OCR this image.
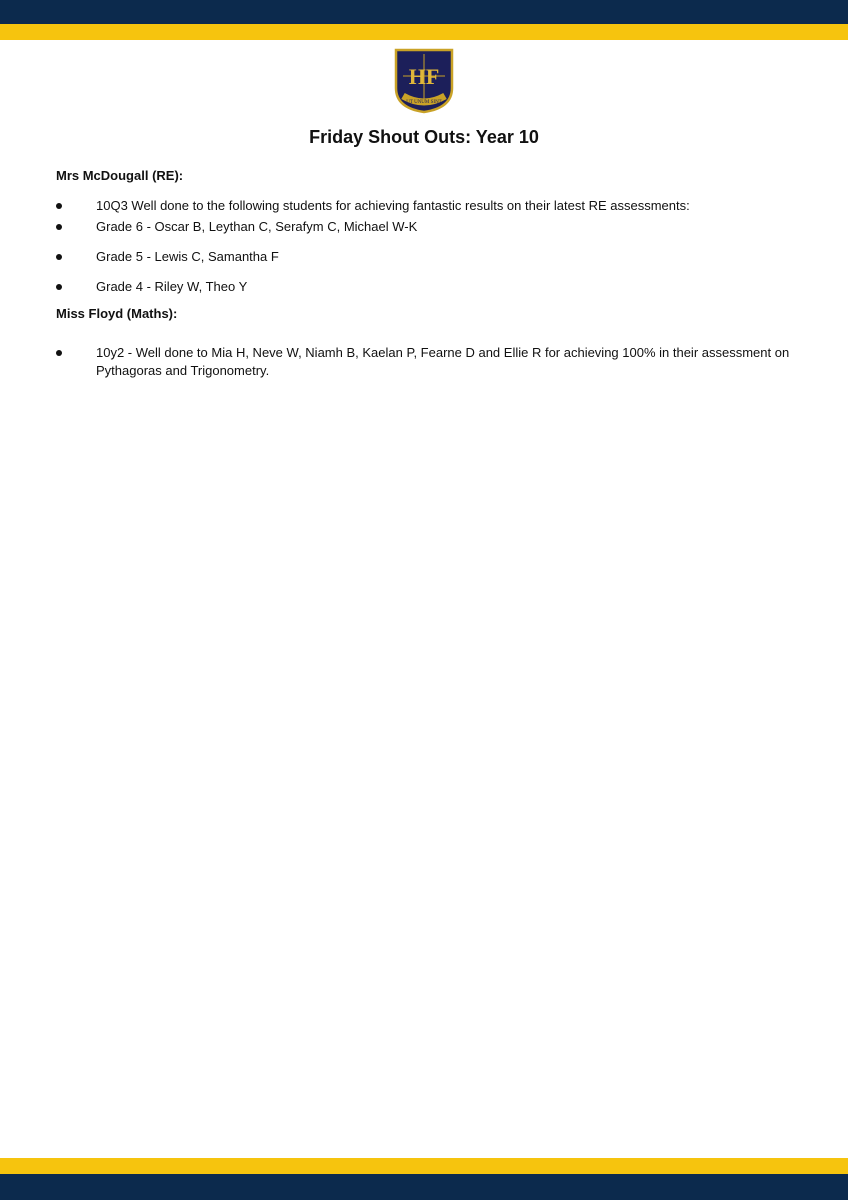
HF
UT UNUM SINT
Friday Shout Outs: Year 10
Mrs McDougall (RE):
10Q3 Well done to the following students for achieving fantastic results on their latest RE assessments:
Grade 6 - Oscar B, Leythan C, Serafym C, Michael W-K
Grade 5 - Lewis C, Samantha F
Grade 4 - Riley W, Theo Y
Miss Floyd (Maths):
10y2 - Well done to Mia H, Neve W, Niamh B, Kaelan P, Fearne D and Ellie R for achieving 100% in their assessment on Pythagoras and Trigonometry.
